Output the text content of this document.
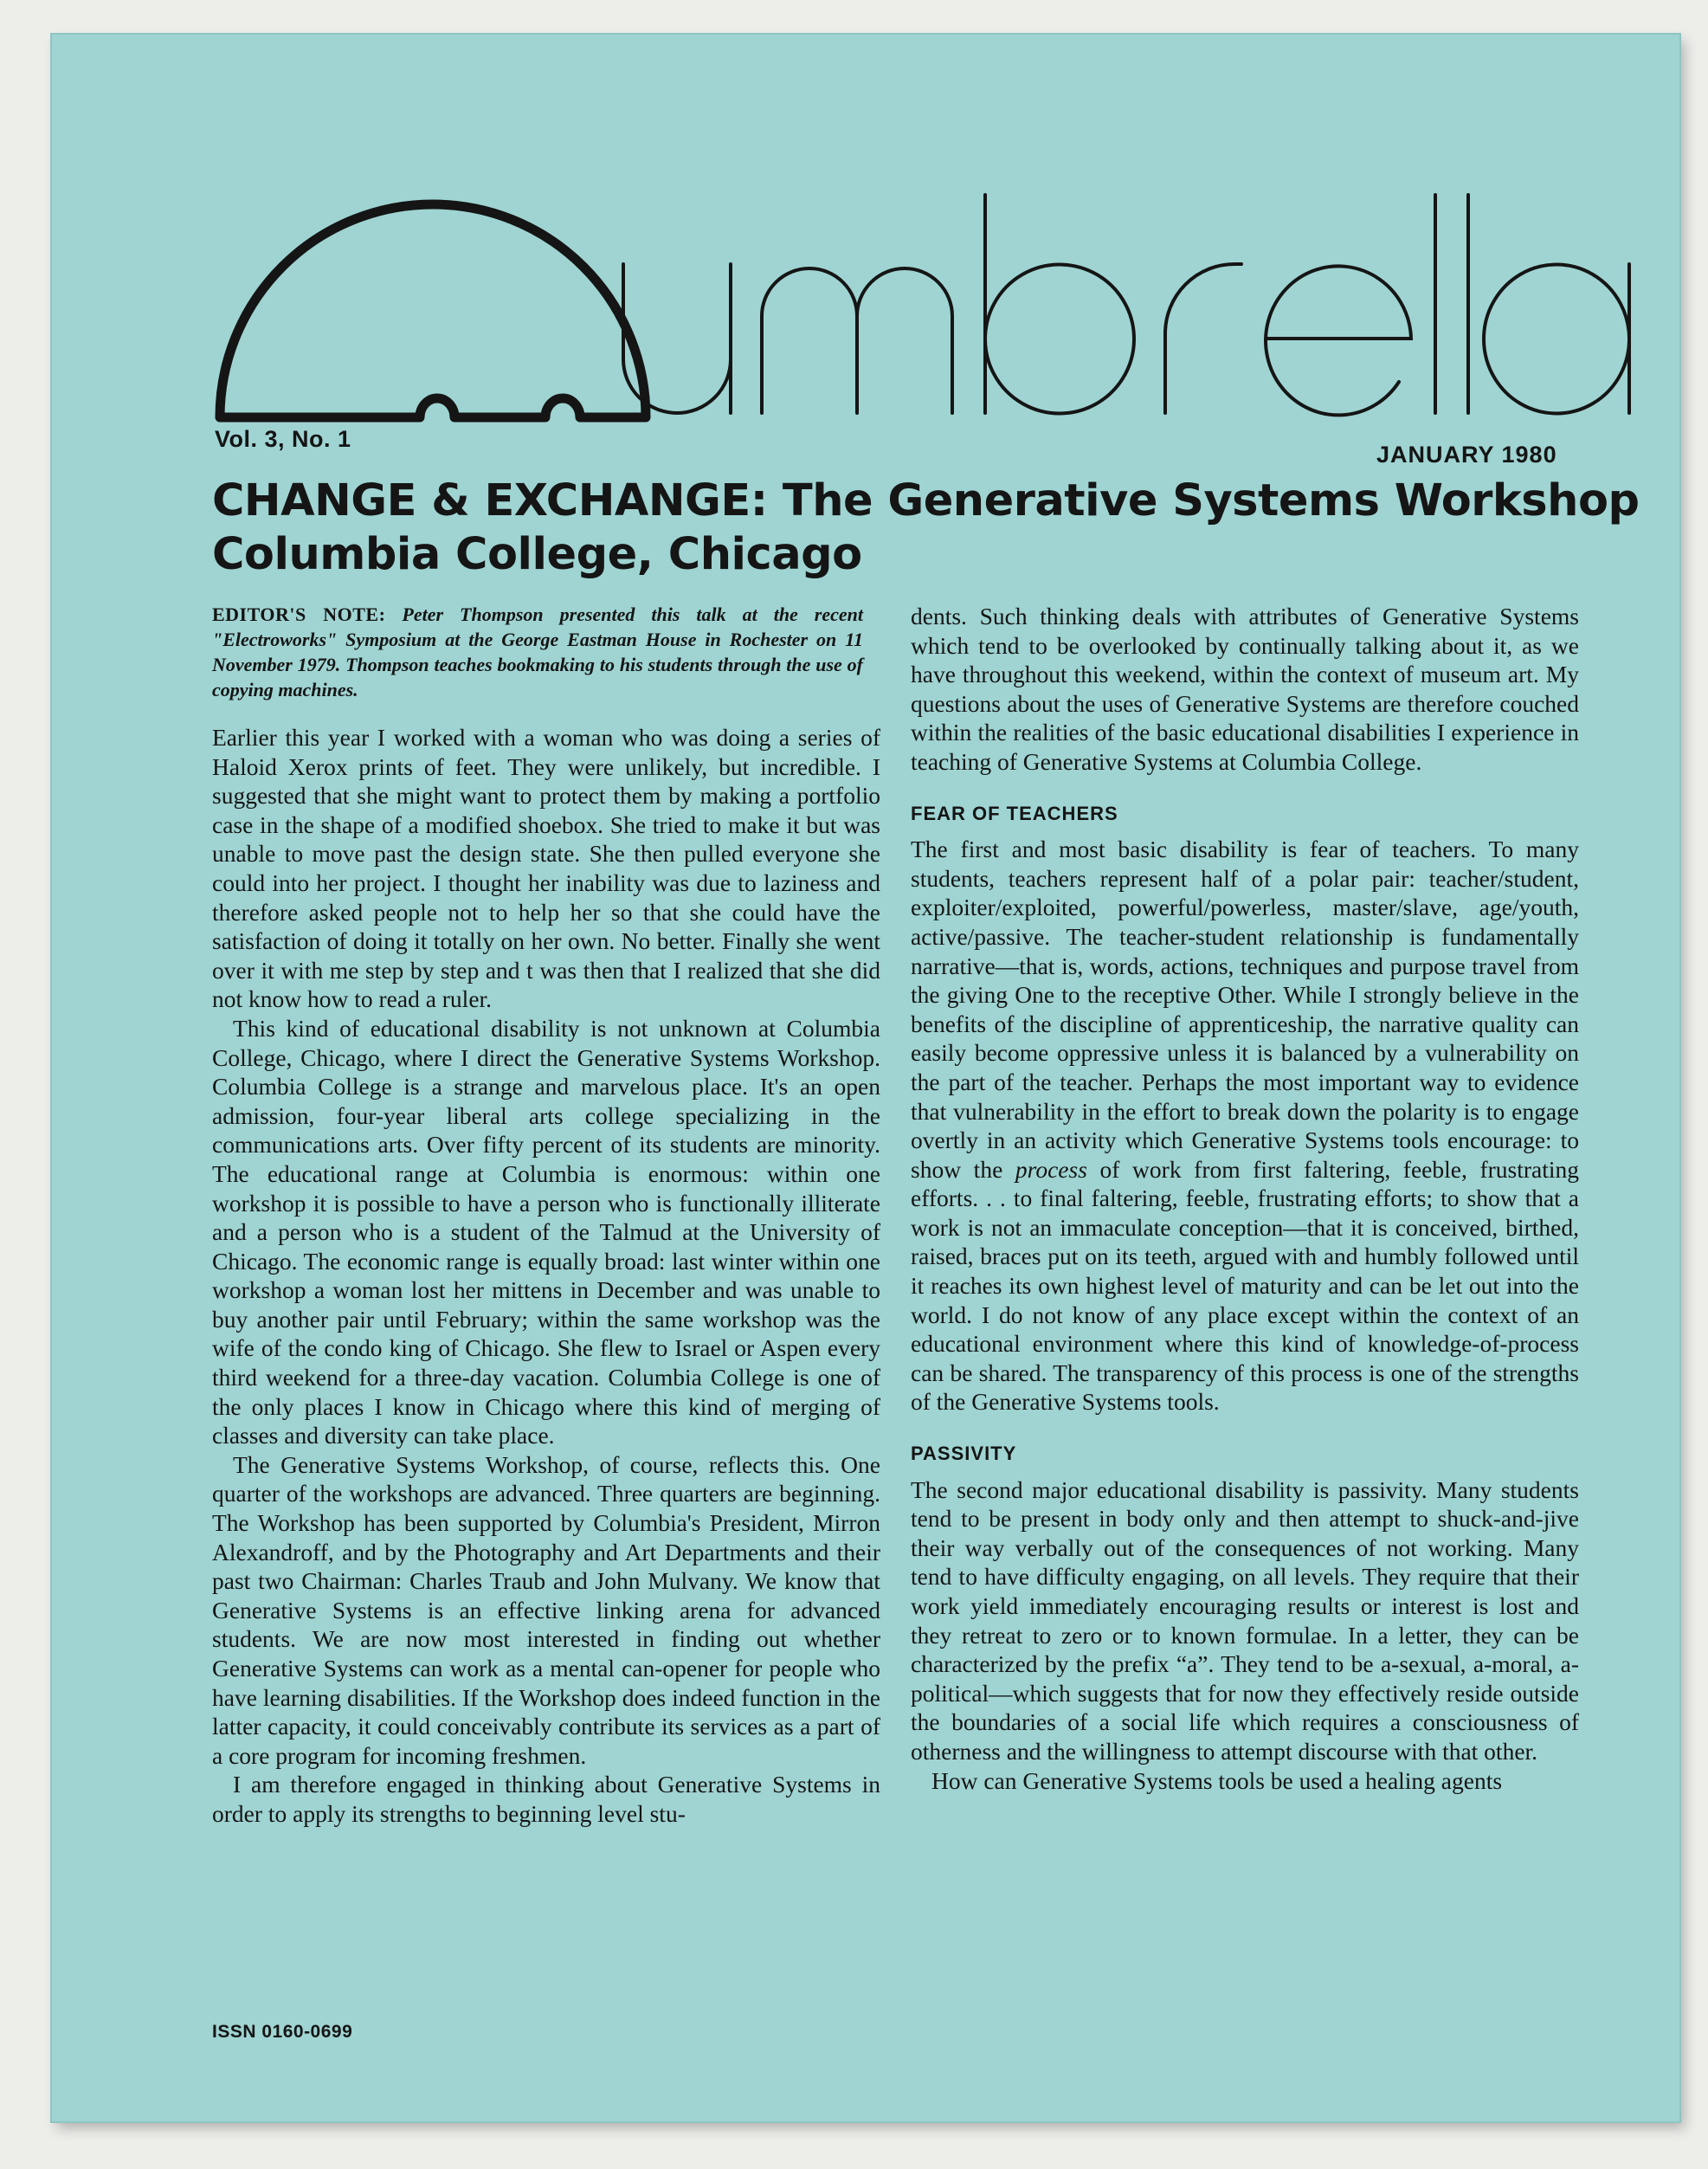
Vol. 3, No. 1
JANUARY 1980
CHANGE & EXCHANGE: The Generative Systems Workshop
Columbia College, Chicago
EDITOR'S NOTE: Peter Thompson presented this talk at the recent "Electroworks" Symposium at the George Eastman House in Rochester on 11 November 1979. Thompson teaches bookmaking to his students through the use of copying machines.

Earlier this year I worked with a woman who was doing a series of Haloid Xerox prints of feet. They were unlikely, but incredible. I suggested that she might want to protect them by making a portfolio case in the shape of a modified shoebox. She tried to make it but was unable to move past the design state. She then pulled everyone she could into her project. I thought her inability was due to laziness and therefore asked people not to help her so that she could have the satisfaction of doing it totally on her own. No better. Finally she went over it with me step by step and t was then that I realized that she did not know how to read a ruler.

This kind of educational disability is not unknown at Columbia College, Chicago, where I direct the Generative Systems Workshop. Columbia College is a strange and marvelous place. It's an open admission, four-year liberal arts college specializing in the communications arts. Over fifty percent of its students are minority. The educational range at Columbia is enormous: within one workshop it is possible to have a person who is functionally illiterate and a person who is a student of the Talmud at the University of Chicago. The economic range is equally broad: last winter within one workshop a woman lost her mittens in December and was unable to buy another pair until February; within the same workshop was the wife of the condo king of Chicago. She flew to Israel or Aspen every third weekend for a three-day vacation. Columbia College is one of the only places I know in Chicago where this kind of merging of classes and diversity can take place.

The Generative Systems Workshop, of course, reflects this. One quarter of the workshops are advanced. Three quarters are beginning. The Workshop has been supported by Columbia's President, Mirron Alexandroff, and by the Photography and Art Departments and their past two Chairman: Charles Traub and John Mulvany. We know that Generative Systems is an effective linking arena for advanced students. We are now most interested in finding out whether Generative Systems can work as a mental can-opener for people who have learning disabilities. If the Workshop does indeed function in the latter capacity, it could conceivably contribute its services as a part of a core program for incoming freshmen.

I am therefore engaged in thinking about Generative Systems in order to apply its strengths to beginning level stu-

dents. Such thinking deals with attributes of Generative Systems which tend to be overlooked by continually talking about it, as we have throughout this weekend, within the context of museum art. My questions about the uses of Generative Systems are therefore couched within the realities of the basic educational disabilities I experience in teaching of Generative Systems at Columbia College.

FEAR OF TEACHERS

The first and most basic disability is fear of teachers. To many students, teachers represent half of a polar pair: teacher/student, exploiter/exploited, powerful/powerless, master/slave, age/youth, active/passive. The teacher-student relationship is fundamentally narrative—that is, words, actions, techniques and purpose travel from the giving One to the receptive Other. While I strongly believe in the benefits of the discipline of apprenticeship, the narrative quality can easily become oppressive unless it is balanced by a vulnerability on the part of the teacher. Perhaps the most important way to evidence that vulnerability in the effort to break down the polarity is to engage overtly in an activity which Generative Systems tools encourage: to show the process of work from first faltering, feeble, frustrating efforts. . . to final faltering, feeble, frustrating efforts; to show that a work is not an immaculate conception—that it is conceived, birthed, raised, braces put on its teeth, argued with and humbly followed until it reaches its own highest level of maturity and can be let out into the world. I do not know of any place except within the context of an educational environment where this kind of knowledge-of-process can be shared. The transparency of this process is one of the strengths of the Generative Systems tools.

PASSIVITY

The second major educational disability is passivity. Many students tend to be present in body only and then attempt to shuck-and-jive their way verbally out of the consequences of not working. Many tend to have difficulty engaging, on all levels. They require that their work yield immediately encouraging results or interest is lost and they retreat to zero or to known formulae. In a letter, they can be characterized by the prefix “a”. They tend to be a-sexual, a-moral, a-political—which suggests that for now they effectively reside outside the boundaries of a social life which requires a consciousness of otherness and the willingness to attempt discourse with that other.

How can Generative Systems tools be used a healing agents

ISSN 0160-0699
